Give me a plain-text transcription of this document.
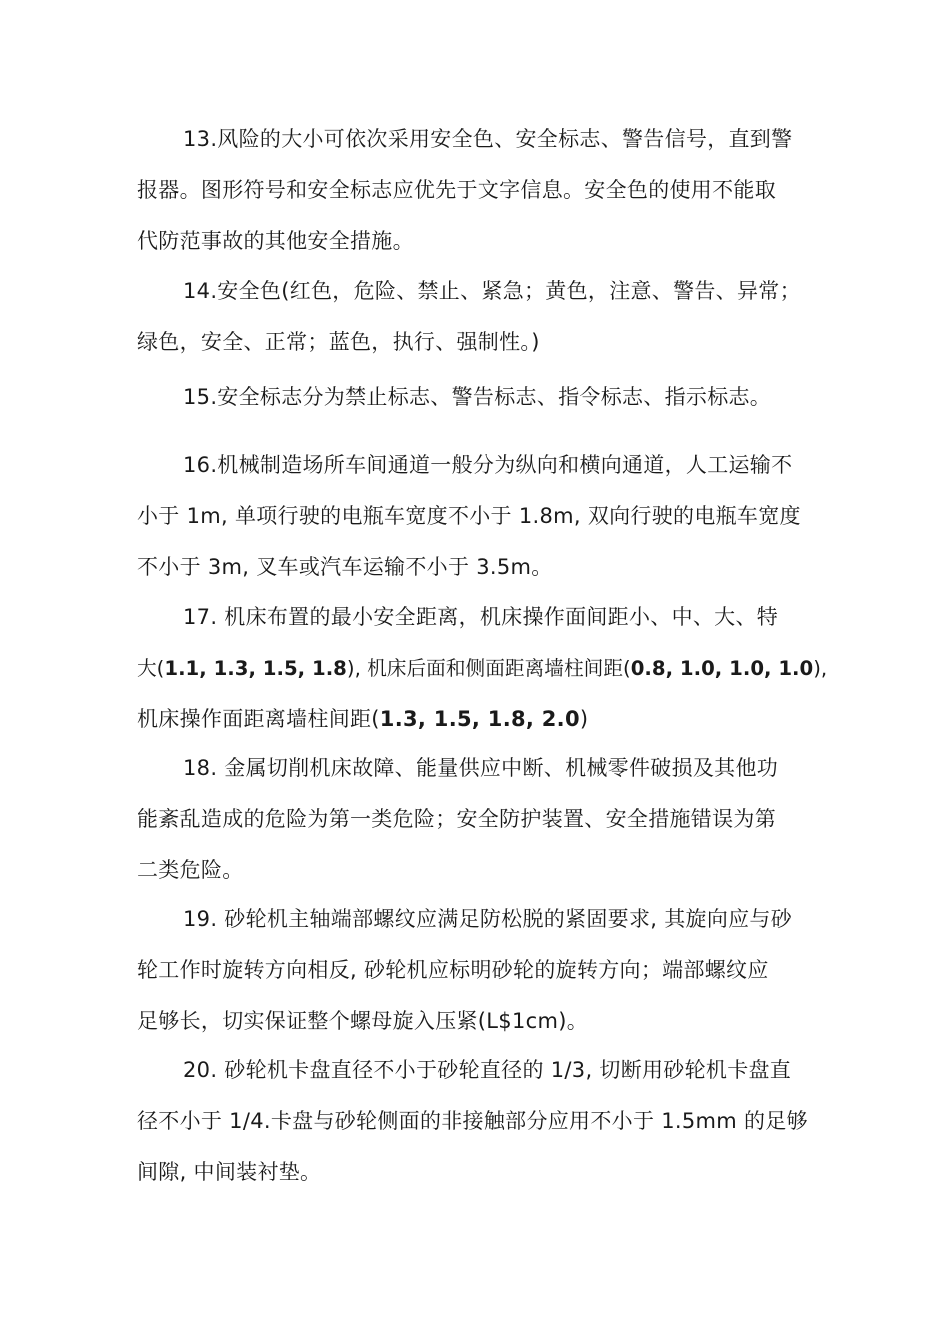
13.风险的大小可依次采用安全色、安全标志、警告信号，直到警
报器。图形符号和安全标志应优先于文字信息。安全色的使用不能取
代防范事故的其他安全措施。
14.安全色(红色，危险、禁止、紧急；黄色，注意、警告、异常；
绿色，安全、正常；蓝色，执行、强制性。)
15.安全标志分为禁止标志、警告标志、指令标志、指示标志。
16.机械制造场所车间通道一般分为纵向和横向通道，人工运输不
小于 1m, 单项行驶的电瓶车宽度不小于 1.8m, 双向行驶的电瓶车宽度
不小于 3m, 叉车或汽车运输不小于 3.5m。
17. 机床布置的最小安全距离，机床操作面间距小、中、大、特
大(1.1, 1.3, 1.5, 1.8), 机床后面和侧面距离墙柱间距(0.8, 1.0, 1.0, 1.0),
机床操作面距离墙柱间距(1.3, 1.5, 1.8, 2.0)
18. 金属切削机床故障、能量供应中断、机械零件破损及其他功
能紊乱造成的危险为第一类危险；安全防护装置、安全措施错误为第
二类危险。
19. 砂轮机主轴端部螺纹应满足防松脱的紧固要求, 其旋向应与砂
轮工作时旋转方向相反, 砂轮机应标明砂轮的旋转方向；端部螺纹应
足够长，切实保证整个螺母旋入压紧(L$1cm)。
20. 砂轮机卡盘直径不小于砂轮直径的 1/3, 切断用砂轮机卡盘直
径不小于 1/4.卡盘与砂轮侧面的非接触部分应用不小于 1.5mm 的足够
间隙, 中间装衬垫。
